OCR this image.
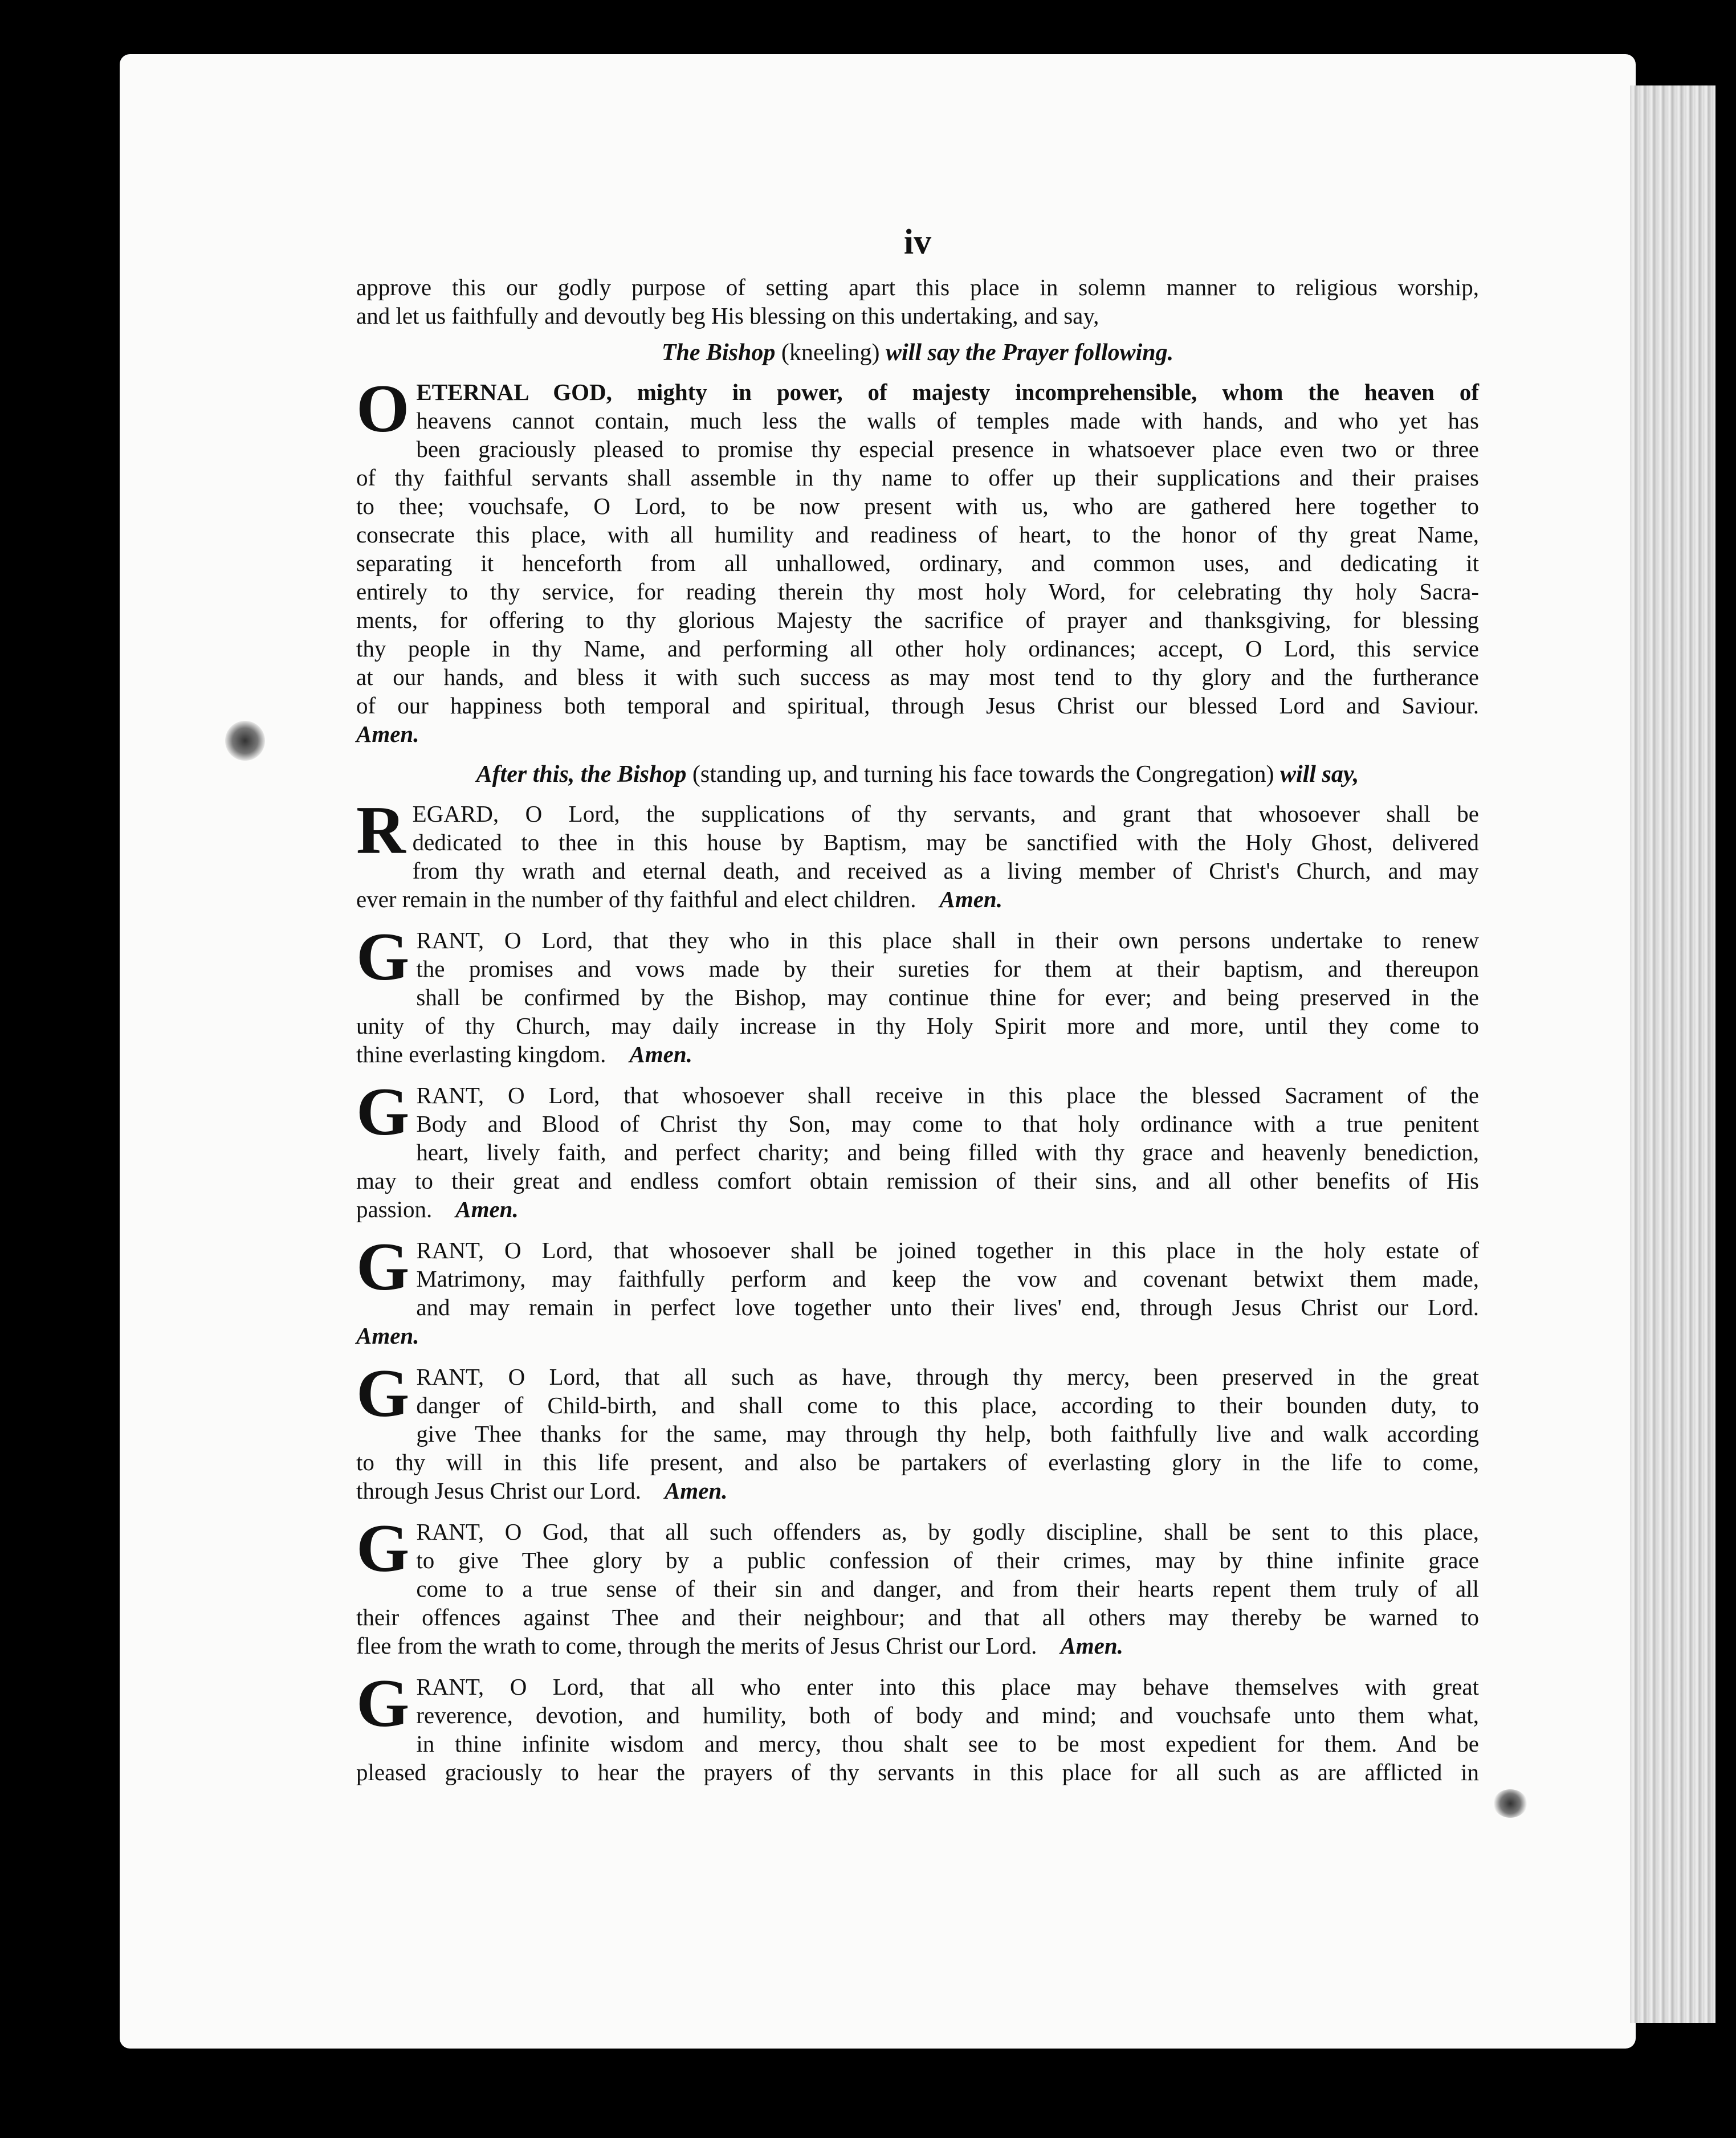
iv
approve this our godly purpose of setting apart this place in solemn manner to religious worship,
and let us faithfully and devoutly beg His blessing on this undertaking, and say,
The Bishop (kneeling) will say the Prayer following.
O ETERNAL GOD, mighty in power, of majesty incomprehensible, whom the heaven of
heavens cannot contain, much less the walls of temples made with hands, and who yet has
been graciously pleased to promise thy especial presence in whatsoever place even two or three
of thy faithful servants shall assemble in thy name to offer up their supplications and their praises
to thee; vouchsafe, O Lord, to be now present with us, who are gathered here together to
consecrate this place, with all humility and readiness of heart, to the honor of thy great Name,
separating it henceforth from all unhallowed, ordinary, and common uses, and dedicating it
entirely to thy service, for reading therein thy most holy Word, for celebrating thy holy Sacra-
ments, for offering to thy glorious Majesty the sacrifice of prayer and thanksgiving, for blessing
thy people in thy Name, and performing all other holy ordinances; accept, O Lord, this service
at our hands, and bless it with such success as may most tend to thy glory and the furtherance
of our happiness both temporal and spiritual, through Jesus Christ our blessed Lord and Saviour.
Amen.
After this, the Bishop (standing up, and turning his face towards the Congregation) will say,
R EGARD, O Lord, the supplications of thy servants, and grant that whosoever shall be
dedicated to thee in this house by Baptism, may be sanctified with the Holy Ghost, delivered
from thy wrath and eternal death, and received as a living member of Christ's Church, and may
ever remain in the number of thy faithful and elect children. Amen.
G RANT, O Lord, that they who in this place shall in their own persons undertake to renew
the promises and vows made by their sureties for them at their baptism, and thereupon
shall be confirmed by the Bishop, may continue thine for ever; and being preserved in the
unity of thy Church, may daily increase in thy Holy Spirit more and more, until they come to
thine everlasting kingdom. Amen.
G RANT, O Lord, that whosoever shall receive in this place the blessed Sacrament of the
Body and Blood of Christ thy Son, may come to that holy ordinance with a true penitent
heart, lively faith, and perfect charity; and being filled with thy grace and heavenly benediction,
may to their great and endless comfort obtain remission of their sins, and all other benefits of His
passion. Amen.
G RANT, O Lord, that whosoever shall be joined together in this place in the holy estate of
Matrimony, may faithfully perform and keep the vow and covenant betwixt them made,
and may remain in perfect love together unto their lives' end, through Jesus Christ our Lord.
Amen.
G RANT, O Lord, that all such as have, through thy mercy, been preserved in the great
danger of Child-birth, and shall come to this place, according to their bounden duty, to
give Thee thanks for the same, may through thy help, both faithfully live and walk according
to thy will in this life present, and also be partakers of everlasting glory in the life to come,
through Jesus Christ our Lord. Amen.
G RANT, O God, that all such offenders as, by godly discipline, shall be sent to this place,
to give Thee glory by a public confession of their crimes, may by thine infinite grace
come to a true sense of their sin and danger, and from their hearts repent them truly of all
their offences against Thee and their neighbour; and that all others may thereby be warned to
flee from the wrath to come, through the merits of Jesus Christ our Lord. Amen.
G RANT, O Lord, that all who enter into this place may behave themselves with great
reverence, devotion, and humility, both of body and mind; and vouchsafe unto them what,
in thine infinite wisdom and mercy, thou shalt see to be most expedient for them. And be
pleased graciously to hear the prayers of thy servants in this place for all such as are afflicted in
